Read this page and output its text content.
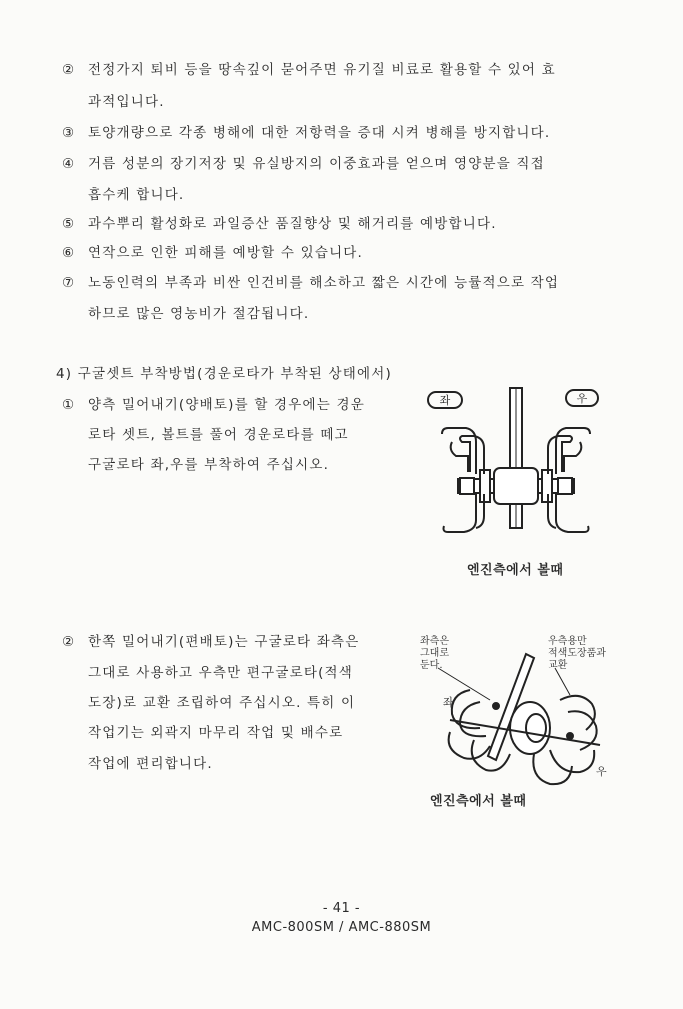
② 전정가지 퇴비 등을 땅속깊이 묻어주면 유기질 비료로 활용할 수 있어 효
과적입니다.
③ 토양개량으로 각종 병해에 대한 저항력을 증대 시켜 병해를 방지합니다.
④ 거름 성분의 장기저장 및 유실방지의 이중효과를 얻으며 영양분을 직접
흡수케 합니다.
⑤ 과수뿌리 활성화로 과일증산 품질향상 및 해거리를 예방합니다.
⑥ 연작으로 인한 피해를 예방할 수 있습니다.
⑦ 노동인력의 부족과 비싼 인건비를 해소하고 짧은 시간에 능률적으로 작업
하므로 많은 영농비가 절감됩니다.
4) 구굴셋트 부착방법(경운로타가 부착된 상태에서)
① 양측 밀어내기(양배토)를 할 경우에는 경운
로타 셋트, 볼트를 풀어 경운로타를 떼고
구굴로타 좌,우를 부착하여 주십시오.
좌	우
엔진측에서 볼때
② 한쪽 밀어내기(편배토)는 구굴로타 좌측은
그대로 사용하고 우측만 편구굴로타(적색
도장)로 교환 조립하여 주십시오. 특히 이
작업기는 외곽지 마무리 작업 및 배수로
작업에 편리합니다.
좌측은
그대로
둔다.
우측용만
적색도장품과
교환
좌
우
엔진측에서 볼때
- 41 -
AMC-800SM / AMC-880SM
